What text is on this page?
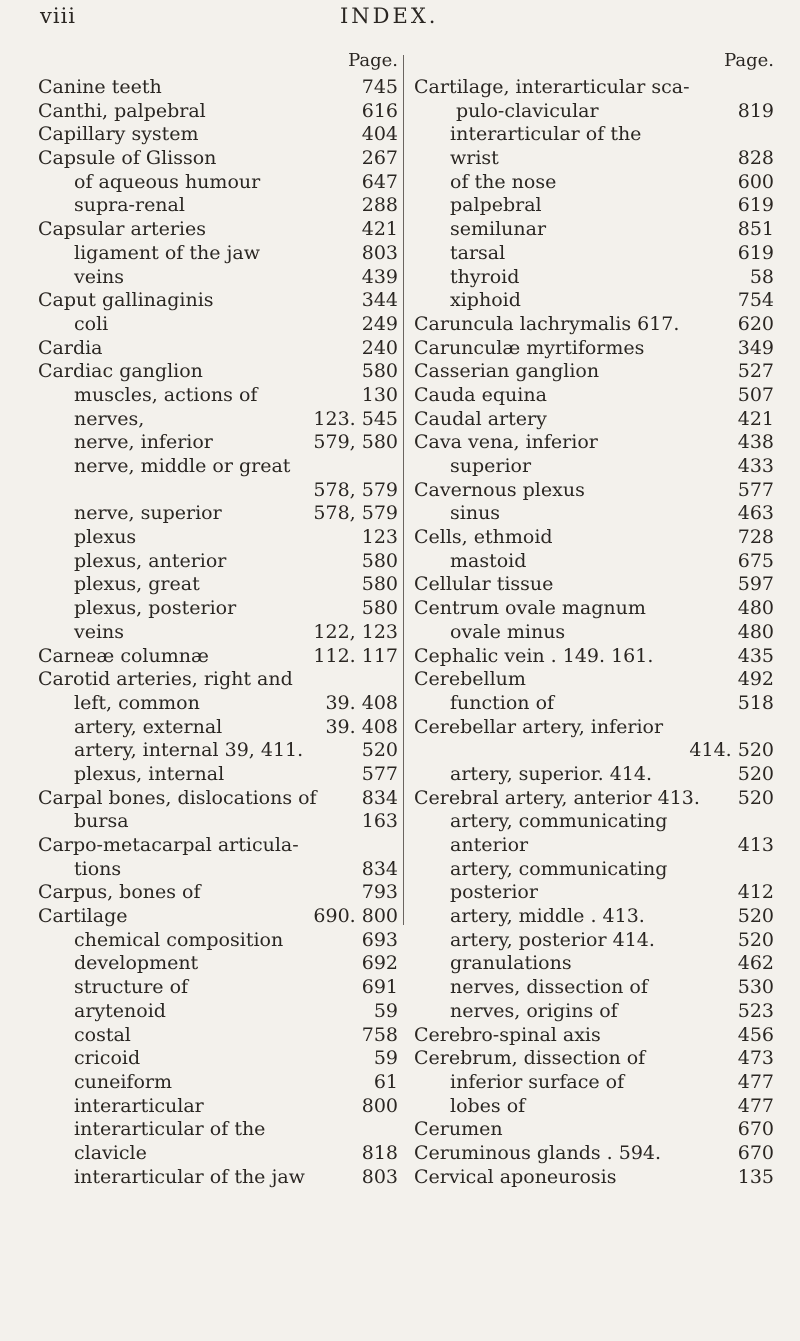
viii	INDEX.
Page.
Canine teeth	745
Canthi, palpebral	616
Capillary system	404
Capsule of Glisson	267
of aqueous humour	647
supra-renal	288
Capsular arteries	421
ligament of the jaw	803
veins	439
Caput gallinaginis	344
coli	249
Cardia	240
Cardiac ganglion	580
muscles, actions of	130
nerves,	123. 545
nerve, inferior	579, 580
nerve, middle or great
578, 579
nerve, superior	578, 579
plexus	123
plexus, anterior	580
plexus, great	580
plexus, posterior	580
veins	122, 123
Carneæ columnæ	112. 117
Carotid arteries, right and
left, common	39. 408
artery, external	39. 408
artery, internal 39, 411.	520
plexus, internal	577
Carpal bones, dislocations of 834
bursa	163
Carpo-metacarpal articula-
tions	834
Carpus, bones of	793
Cartilage	690. 800
chemical composition	693
development	692
structure of	691
arytenoid	59
costal	758
cricoid	59
cuneiform	61
interarticular	800
interarticular of the
clavicle	818
interarticular of the jaw	803
Page.
Cartilage, interarticular sca-
pulo-clavicular	819
interarticular of the
wrist	828
of the nose	600
palpebral	619
semilunar	851
tarsal	619
thyroid	58
xiphoid	754
Caruncula lachrymalis 617.	620
Carunculæ myrtiformes	349
Casserian ganglion	527
Cauda equina	507
Caudal artery	421
Cava vena, inferior	438
superior	433
Cavernous plexus	577
sinus	463
Cells, ethmoid	728
mastoid	675
Cellular tissue	597
Centrum ovale magnum	480
ovale minus	480
Cephalic vein . 149. 161.	435
Cerebellum	492
function of	518
Cerebellar artery, inferior
414. 520
artery, superior. 414.	520
Cerebral artery, anterior 413. 520
artery, communicating
anterior	413
artery, communicating
posterior	412
artery, middle . 413.	520
artery, posterior 414.	520
granulations	462
nerves, dissection of	530
nerves, origins of	523
Cerebro-spinal axis	456
Cerebrum, dissection of	473
inferior surface of	477
lobes of	477
Cerumen	670
Ceruminous glands . 594.	670
Cervical aponeurosis	135
